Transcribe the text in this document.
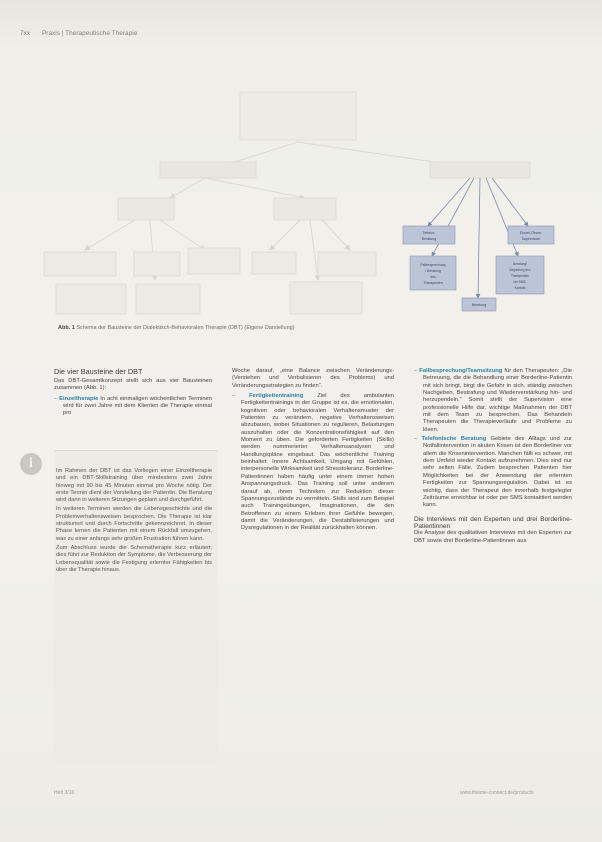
7xx Praxis | Therapeutische Therapie
Telefon-
Beratung
Einzel-/Team-
Supervision
Fallbesprechung
/ Beratung
des
Therapeuten
Beratung/
Begleitung des
Therapeuten
bei SMS-
Kontakt
Beratung
Abb. 1 Schema der Bausteine der Dialektisch-Behavioralen Therapie (DBT) (Eigene Darstellung)
Die vier Bausteine der DBT

Das DBT-Gesamtkonzept stellt sich aus vier Bausteinen zusammen (Abb. 1):

– Einzeltherapie In acht einmaligen wöchentlichen Terminen wird für zwei Jahre mit dem Klienten die Therapie einmal pro
i	Im Rahmen der DBT ist das Vorliegen einer Einzeltherapie und ein DBT-Skillstraining über mindestens zwei Jahre hinweg mit 90 bis 45 Minuten einmal pro Woche nötig. Der erste Termin dient der Vorstellung der Patientin. Die Beratung wird dann in weiteren Sitzungen geplant und durchgeführt.

In weiteren Terminen werden die Lebensgeschichte und die Problemverhaltensweisen besprochen. Die Therapie ist klar strukturiert und durch Fortschritte gekennzeichnet. In dieser Phase lernen die Patienten mit einem Rückfall umzugehen, was zu einer anfangs sehr großen Frustration führen kann.

Zum Abschluss wurde die Schematherapie kurz erläutert; dies führt zur Reduktion der Symptome, die Verbesserung der Lebensqualität sowie die Festigung erlernter Fähigkeiten bis über die Therapie hinaus.

Woche darauf, „eine Balance zwischen Veränderungs- (Verstehen und Verbalisieren des Problems) und Veränderungsstrategien zu finden“.

– Fertigkeitentraining Ziel des ambulanten Fertigkeitentrainings in der Gruppe ist es, die emotionalen, kognitiven oder behavioralen Verhaltensmuster der Patienten zu verändern, negative Verhaltensweisen abzubauen, wobei Situationen zu regulieren, Belastungen auszuhalten oder die Konzentrationsfähigkeit auf den Moment zu üben. Die geforderten Fertigkeiten (Skills) werden nummerierter Verhaltensanalysen und Handlungspläne eingebaut. Das wöchentliche Training beinhaltet: Innere Achtsamkeit, Umgang mit Gefühlen, interpersonelle Wirksamkeit und Stresstoleranz. Borderline-Patientinnen haben häufig unter einem immer hohen Anspannungsdruck. Das Training soll unter anderem darauf ab, ihnen Techniken zur Reduktion dieser Spannungszustände zu vermitteln. Skills sind zum Beispiel auch Trainingsübungen, Imaginationen, die den Betroffenen zu einem Erleben ihrer Gefühle bewegen, damit die Veränderungen, die Destabilisierungen und Dysregulationen in der Realität zurückhalten können.
– Fallbesprechung/Teamsitzung für den Therapeuten: „Die Betreuung, die die Behandlung einer Borderline-Patientin mit sich bringt, birgt die Gefahr in sich, ständig zwischen Nachgeben, Bestrafung und Wiederverstärkung hin- und herzupendeln.“ Somit stellt der Supervision eine professionelle Hilfe dar, wichtige Maßnahmen der DBT mit dem Team zu besprechen. Das Behandeln Therapeuten die Therapieverläufe und Probleme zu lösen.
– Telefonische Beratung Gebiete des Alltags und zur Notfallintervention in akuten Krisen ist den Borderliner vor allem die Krisenintervention. Manchen fällt es schwer, mit dem Umfeld wieder Kontakt aufzunehmen. Dies sind nur sehr selten Fälle. Zudem besprechen Patienten hier Möglichkeiten bei der Anwendung der erlernten Fertigkeiten zur Spannungsregulation. Dabei ist es wichtig, dass der Therapeut den innerhalb festgelegter Zeiträume erreichbar ist oder per SMS kontaktiert werden kann.
Die Interviews mit den Experten und drei Borderline-Patientinnen

Die Analyse des qualitativen Interviews mit den Experten zur DBT sowie drei Borderline-Patientinnen aus

Heft 3/16	www.thieme-connect.de/products
